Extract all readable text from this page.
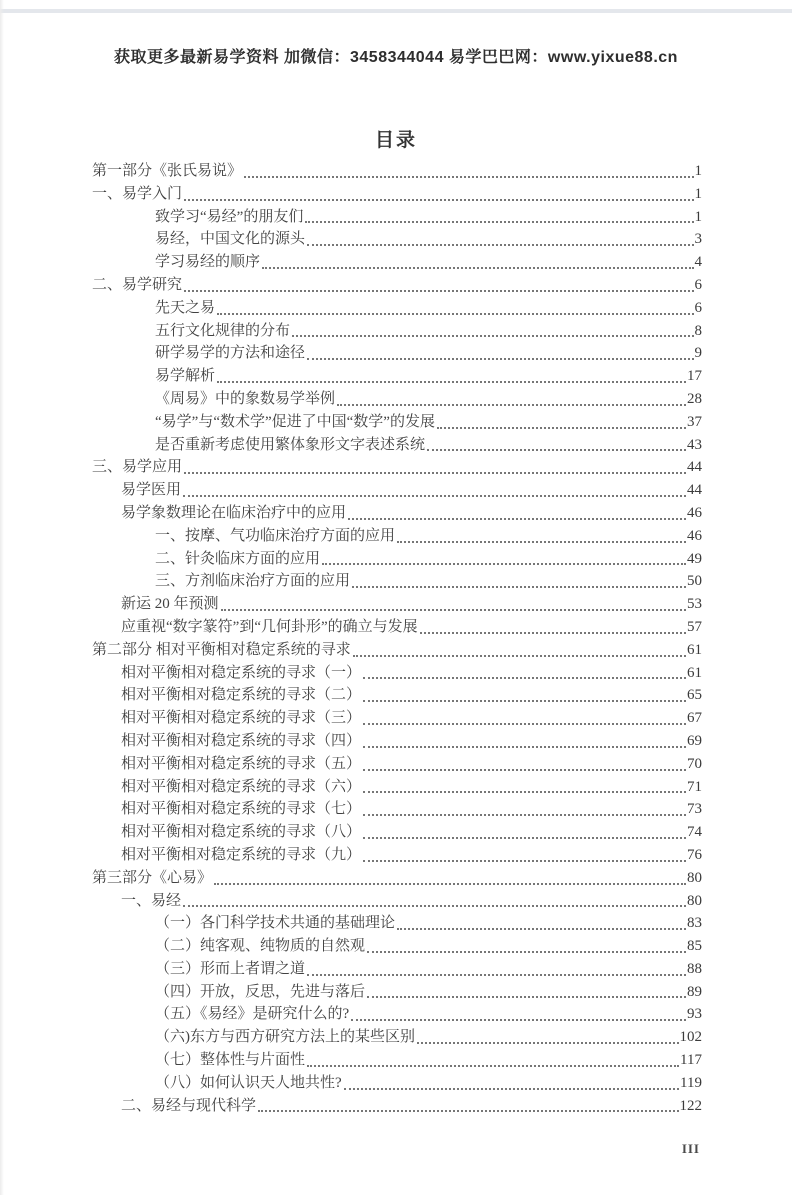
获取更多最新易学资料 加微信：3458344044 易学巴巴网：www.yixue88.cn
目录
第一部分《张氏易说》	1
一、易学入门	1
致学习“易经”的朋友们	1
易经，中国文化的源头	3
学习易经的顺序	4
二、易学研究	6
先天之易	6
五行文化规律的分布	8
研学易学的方法和途径	9
易学解析	17
《周易》中的象数易学举例	28
“易学”与“数术学”促进了中国“数学”的发展	37
是否重新考虑使用繁体象形文字表述系统	43
三、易学应用	44
易学医用	44
易学象数理论在临床治疗中的应用	46
一、按摩、气功临床治疗方面的应用	46
二、针灸临床方面的应用	49
三、方剂临床治疗方面的应用	50
新运 20 年预测	53
应重视“数字篆符”到“几何卦形”的确立与发展	57
第二部分 相对平衡相对稳定系统的寻求	61
相对平衡相对稳定系统的寻求（一）	61
相对平衡相对稳定系统的寻求（二）	65
相对平衡相对稳定系统的寻求（三）	67
相对平衡相对稳定系统的寻求（四）	69
相对平衡相对稳定系统的寻求（五）	70
相对平衡相对稳定系统的寻求（六）	71
相对平衡相对稳定系统的寻求（七）	73
相对平衡相对稳定系统的寻求（八）	74
相对平衡相对稳定系统的寻求（九）	76
第三部分《心易》	80
一、易经	80
（一）各门科学技术共通的基础理论	83
（二）纯客观、纯物质的自然观	85
（三）形而上者谓之道	88
（四）开放，反思，先进与落后	89
（五）《易经》是研究什么的?	93
（六)东方与西方研究方法上的某些区别	102
（七）整体性与片面性	117
（八）如何认识天人地共性?	119
二、易经与现代科学	122
III
